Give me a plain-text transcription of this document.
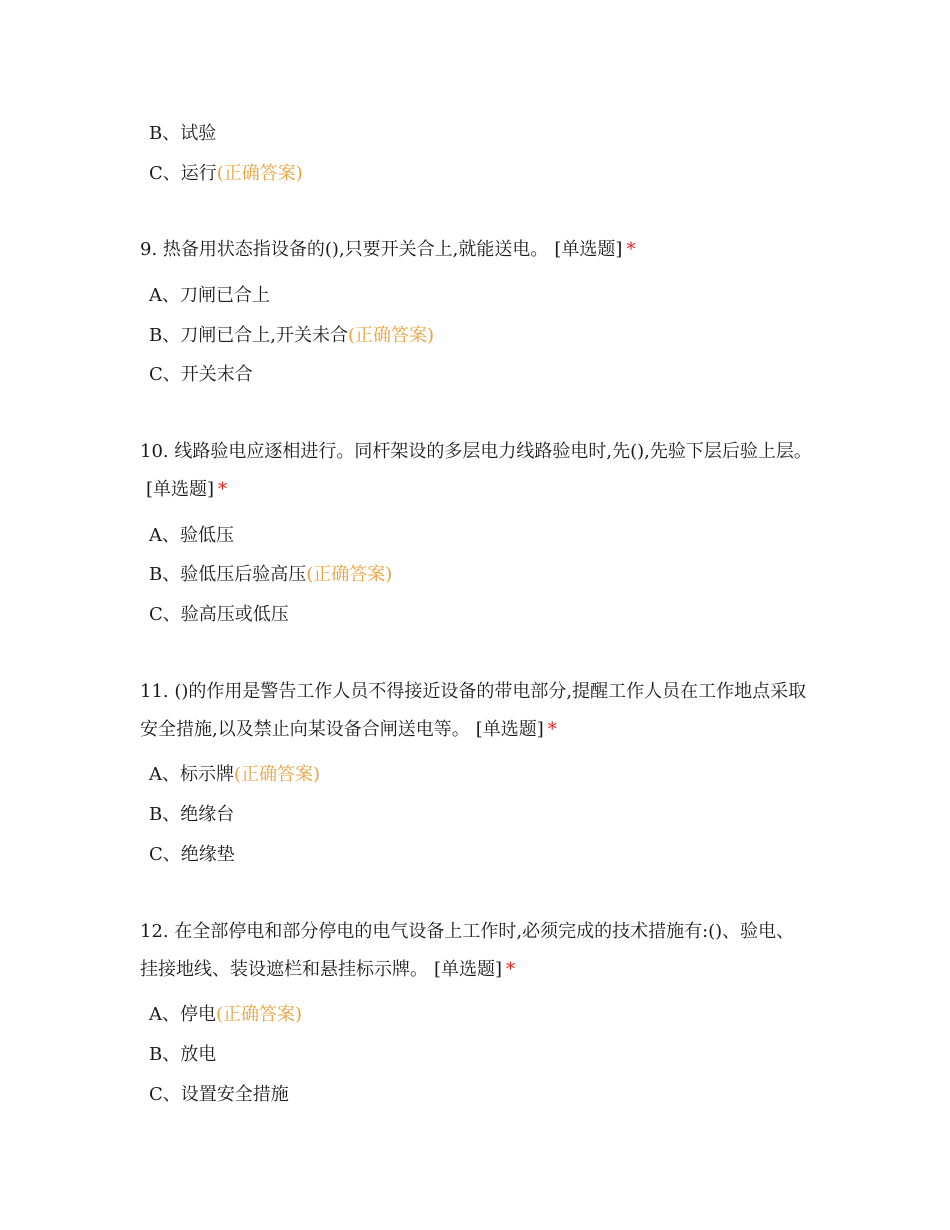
B、试验
C、运行(正确答案)
9. 热备用状态指设备的(),只要开关合上,就能送电。 [单选题] *
A、刀闸已合上
B、刀闸已合上,开关未合(正确答案)
C、开关末合
10. 线路验电应逐相进行。同杆架设的多层电力线路验电时,先(),先验下层后验上层。[单选题] *
A、验低压
B、验低压后验高压(正确答案)
C、验高压或低压
11. ()的作用是警告工作人员不得接近设备的带电部分,提醒工作人员在工作地点采取安全措施,以及禁止向某设备合闸送电等。 [单选题] *
A、标示牌(正确答案)
B、绝缘台
C、绝缘垫
12. 在全部停电和部分停电的电气设备上工作时,必须完成的技术措施有:()、验电、挂接地线、装设遮栏和悬挂标示牌。 [单选题] *
A、停电(正确答案)
B、放电
C、设置安全措施
